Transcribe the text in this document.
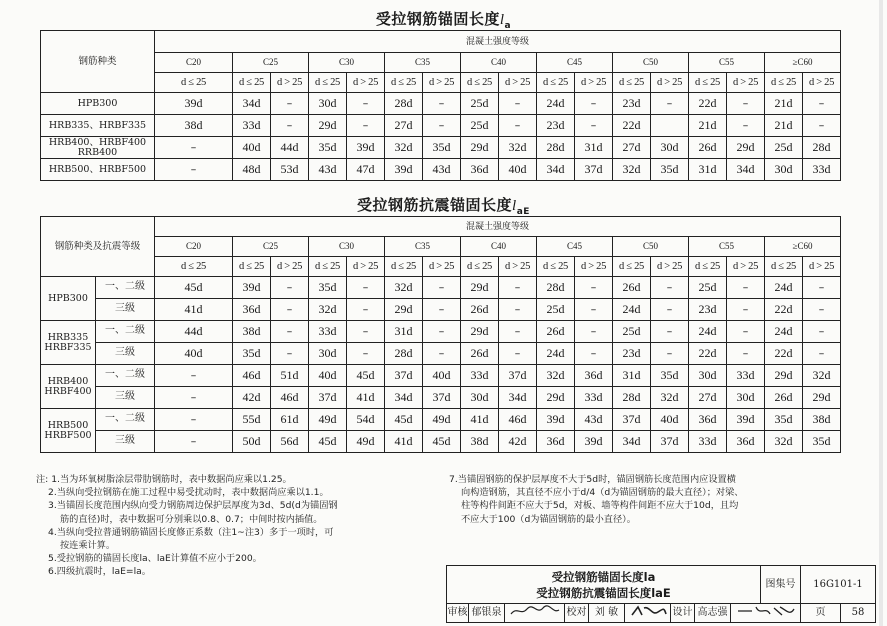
受拉钢筋锚固长度$l_a$
钢筋种类	混凝土强度等级																
	C20	C25		C30		C35		C40		C45		C50		C55		≥C60	
	d ≤ 25	d ≤ 25	d > 25	d ≤ 25	d > 25	d ≤ 25	d > 25	d ≤ 25	d > 25	d ≤ 25	d > 25	d ≤ 25	d > 25	d ≤ 25	d > 25	d ≤ 25	d > 25
HPB300	39d	34d	–	30d	–	28d	–	25d	–	24d	–	23d	–	22d	–	21d	–
HRB335、HRBF335	38d	33d	–	29d	–	27d	–	25d	–	23d	–	22d		21d	–	21d	–
HRB400、HRBF400 RRB400	–	40d	44d	35d	39d	32d	35d	29d	32d	28d	31d	27d	30d	26d	29d	25d	28d
HRB500、HRBF500	–	48d	53d	43d	47d	39d	43d	36d	40d	34d	37d	32d	35d	31d	34d	30d	33d
受拉钢筋抗震锚固长度$l_{aE}$
钢筋种类及抗震等级		混凝土强度等级																
		C20	C25		C30		C35		C40		C45		C50		C55		≥C60	
		d ≤ 25	d ≤ 25	d > 25	d ≤ 25	d > 25	d ≤ 25	d > 25	d ≤ 25	d > 25	d ≤ 25	d > 25	d ≤ 25	d > 25	d ≤ 25	d > 25	d ≤ 25	d > 25
HPB300	一、二级	45d	39d	–	35d	–	32d	–	29d	–	28d	–	26d	–	25d	–	24d	–
	三级	41d	36d	–	32d	–	29d	–	26d	–	25d	–	24d	–	23d	–	22d	–
HRB335 HRBF335	一、二级	44d	38d	–	33d	–	31d	–	29d	–	26d	–	25d	–	24d	–	24d	–
	三级	40d	35d	–	30d	–	28d	–	26d	–	24d	–	23d	–	22d	–	22d	–
HRB400 HRBF400	一、二级	–	46d	51d	40d	45d	37d	40d	33d	37d	32d	36d	31d	35d	30d	33d	29d	32d
	三级	–	42d	46d	37d	41d	34d	37d	30d	34d	29d	33d	28d	32d	27d	30d	26d	29d
HRB500 HRBF500	一、二级	–	55d	61d	49d	54d	45d	49d	41d	46d	39d	43d	37d	40d	36d	39d	35d	38d
	三级	–	50d	56d	45d	49d	41d	45d	38d	42d	36d	39d	34d	37d	33d	36d	32d	35d
注: 1.当为环氧树脂涂层带肋钢筋时，表中数据尚应乘以1.25。
2.当纵向受拉钢筋在施工过程中易受扰动时，表中数据尚应乘以1.1。
3.当锚固长度范围内纵向受力钢筋周边保护层厚度为3d、5d(d为锚固钢
筋的直径)时，表中数据可分别乘以0.8、0.7；中间时按内插值。
4.当纵向受拉普通钢筋锚固长度修正系数（注1~注3）多于一项时，可
按连乘计算。
5.受拉钢筋的锚固长度la、laE计算值不应小于200。
6.四级抗震时，laE=la。
7.当锚固钢筋的保护层厚度不大于5d时，锚固钢筋长度范围内应设置横
向构造钢筋，其直径不应小于d/4（d为锚固钢筋的最大直径）；对梁、
柱等构件间距不应大于5d，对板、墙等构件间距不应大于10d，且均
不应大于100（d为锚固钢筋的最小直径）。
受拉钢筋锚固长度la
受拉钢筋抗震锚固长度laE
图集号	16G101-1
审核 郁银泉	校对 刘 敏	设计 高志强	页	58
